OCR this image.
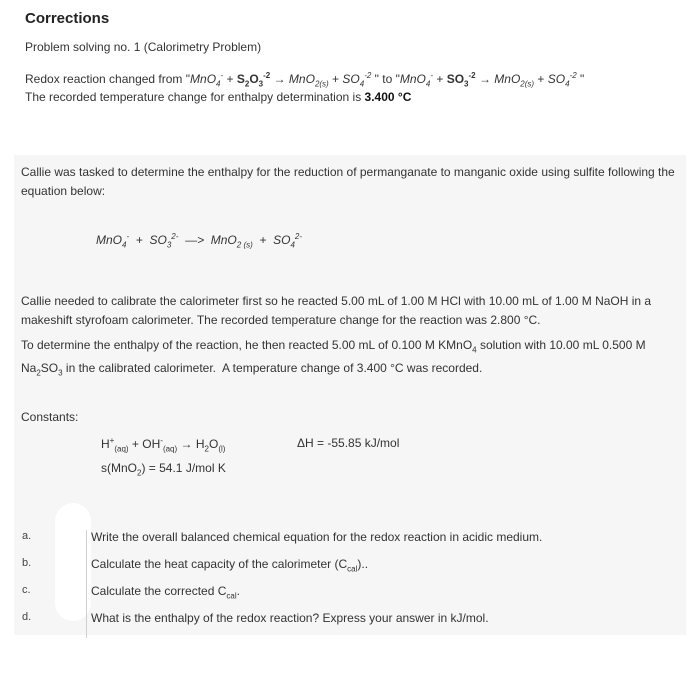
Corrections
Problem solving no. 1 (Calorimetry Problem)
Redox reaction changed from "$MnO_4^- + S_2O_3^{-2} \to MnO_{2(s)} + SO_4^{-2}$ " to "$MnO_4^- + SO_3^{-2} \to MnO_{2(s)} + SO_4^{-2}$ "
The recorded temperature change for enthalpy determination is 3.400 °C
Callie was tasked to determine the enthalpy for the reduction of permanganate to manganic oxide using sulfite following the equation below:
$MnO_4^- + SO_3^{2-}$  —>  $MnO_{2 (s)} + SO_4^{2-}$
Callie needed to calibrate the calorimeter first so he reacted 5.00 mL of 1.00 M HCl with 10.00 mL of 1.00 M NaOH in a makeshift styrofoam calorimeter. The recorded temperature change for the reaction was 2.800 °C.
To determine the enthalpy of the reaction, he then reacted 5.00 mL of 0.100 M KMnO$_4$ solution with 10.00 mL 0.500 M $Na_2SO_3$ in the calibrated calorimeter.  A temperature change of 3.400 °C was recorded.
Constants:
$H^+_{(aq)} + OH^-_{(aq)} \to H_2O_{(l)}$	ΔH = -55.85 kJ/mol
s(MnO$_2$) = 54.1 J/mol K
a.
b.
c.
d.
Write the overall balanced chemical equation for the redox reaction in acidic medium.
Calculate the heat capacity of the calorimeter $(C_{cal})$..
Calculate the corrected $C_{cal}$.
What is the enthalpy of the redox reaction? Express your answer in kJ/mol.
